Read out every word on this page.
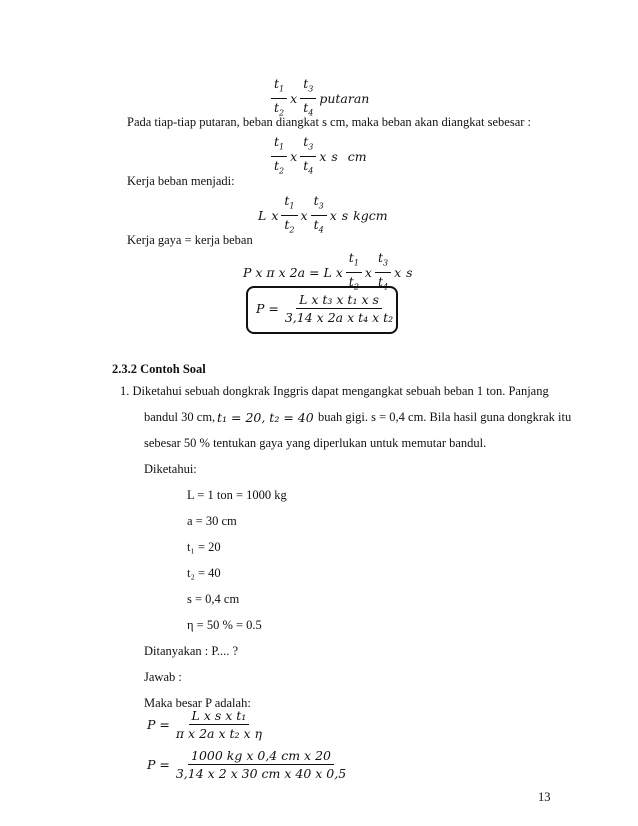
$\frac{t_1}{t_2}$ x $\frac{t_3}{t_4}$ putaran
Pada tiap-tiap putaran, beban diangkat s cm, maka beban akan diangkat sebesar :
$\frac{t_1}{t_2}$ x $\frac{t_3}{t_4}$ x s cm
Kerja beban menjadi:
L x $\frac{t_1}{t_2}$ x $\frac{t_3}{t_4}$ x s kgcm
Kerja gaya = kerja beban
P x π x 2a = L x $\frac{t_1}{t_2}$ x $\frac{t_3}{t_4}$ x s
$P = \frac{\text{L x t₃ x t₁ x s}}{\text{3,14 x 2a x t₄ x t₂}}$
2.3.2 Contoh Soal
1. Diketahui sebuah dongkrak Inggris dapat mengangkat sebuah beban 1 ton. Panjang
bandul 30 cm, t₁ = 20, t₂ = 40 buah gigi. s = 0,4 cm. Bila hasil guna dongkrak itu
sebesar 50 % tentukan gaya yang diperlukan untuk memutar bandul.
Diketahui:
L = 1 ton = 1000 kg
a = 30 cm
t₁ = 20
t₂ = 40
s = 0,4 cm
η = 50 % = 0.5
Ditanyakan : P.... ?
Jawab :
Maka besar P adalah:
$P = \frac{\text{L x s x t₁}}{\text{π x 2a x t₂ x η}}$
$P = \frac{\text{1000 kg x 0,4 cm x 20}}{\text{3,14 x 2 x 30 cm x 40 x 0,5}}$
13
